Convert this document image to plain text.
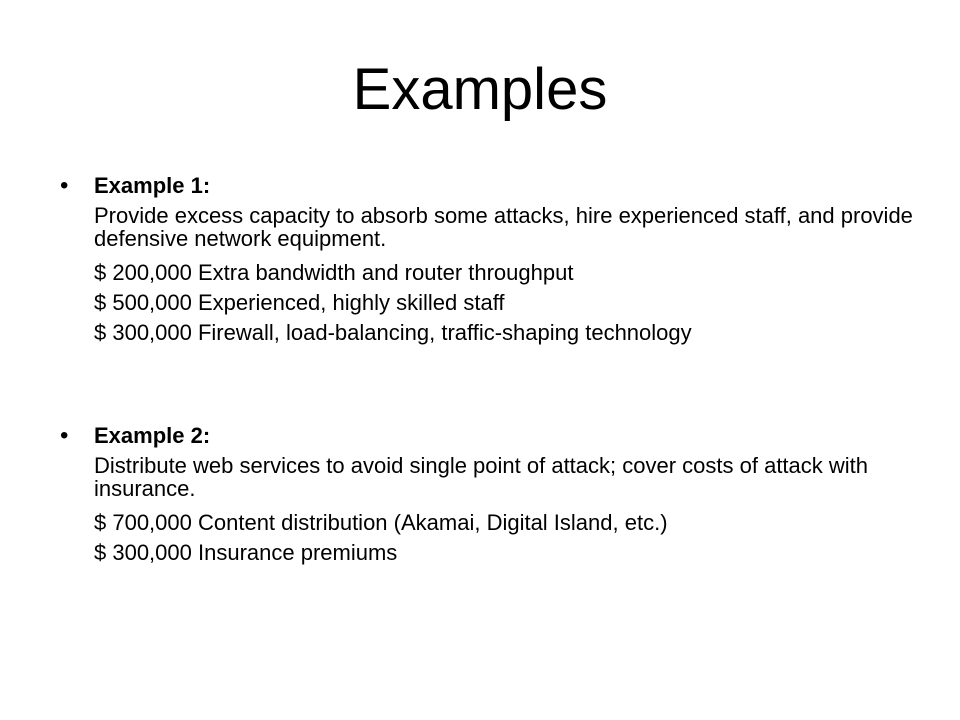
Examples
•	Example 1:

Provide excess capacity to absorb some attacks, hire experienced staff, and provide defensive network equipment.

$ 200,000 Extra bandwidth and router throughput
$ 500,000 Experienced, highly skilled staff
$ 300,000 Firewall, load-balancing, traffic-shaping technology
•	Example 2:

Distribute web services to avoid single point of attack; cover costs of attack with insurance.

$ 700,000 Content distribution (Akamai, Digital Island, etc.)
$ 300,000 Insurance premiums
